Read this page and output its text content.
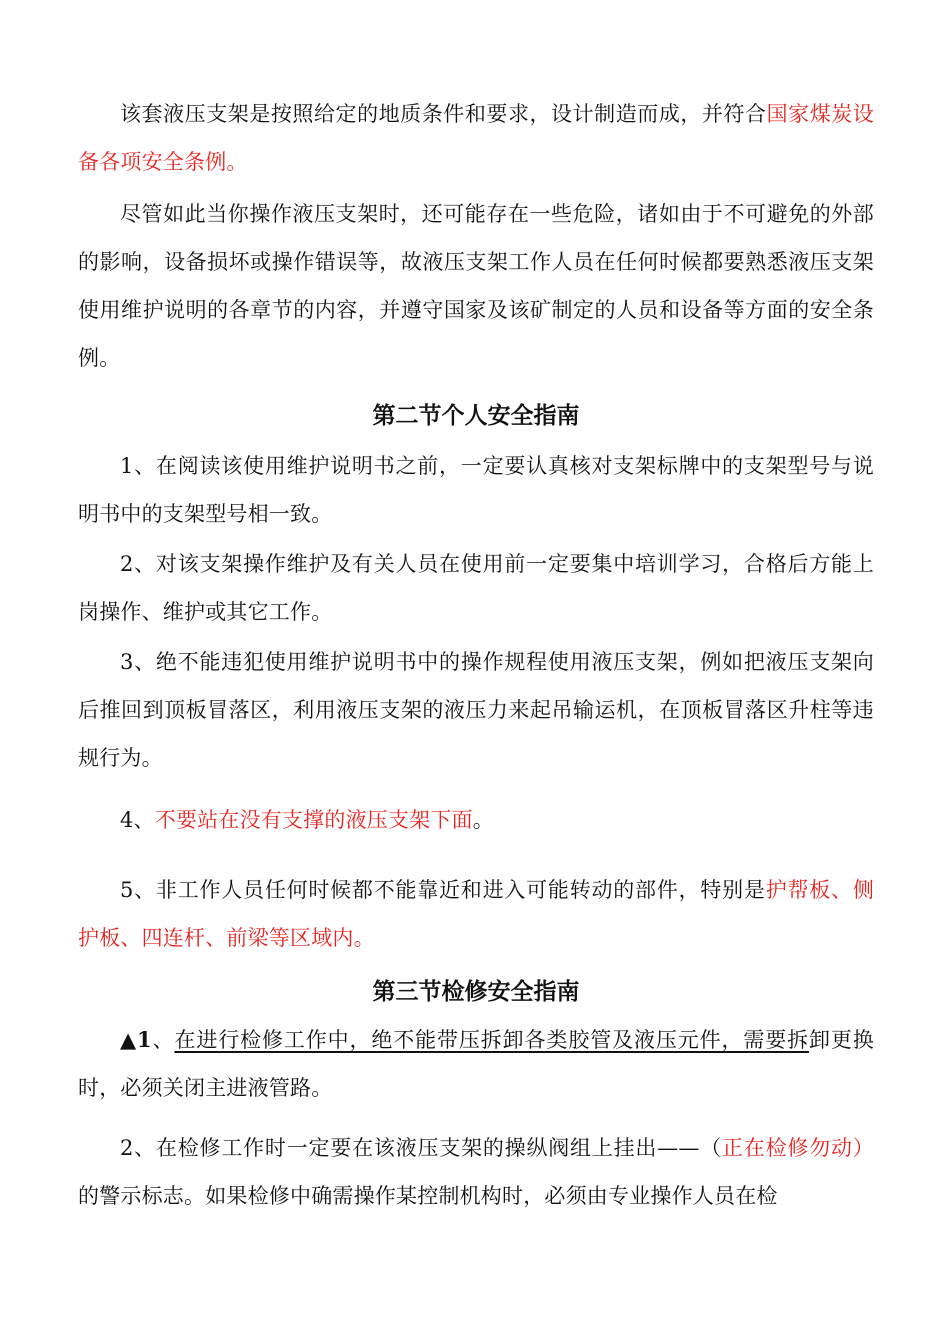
该套液压支架是按照给定的地质条件和要求，设计制造而成，并符合国家煤炭设备各项安全条例。

尽管如此当你操作液压支架时，还可能存在一些危险，诸如由于不可避免的外部的影响，设备损坏或操作错误等，故液压支架工作人员在任何时候都要熟悉液压支架使用维护说明的各章节的内容，并遵守国家及该矿制定的人员和设备等方面的安全条例。

第二节个人安全指南

1、在阅读该使用维护说明书之前，一定要认真核对支架标牌中的支架型号与说明书中的支架型号相一致。

2、对该支架操作维护及有关人员在使用前一定要集中培训学习，合格后方能上岗操作、维护或其它工作。

3、绝不能违犯使用维护说明书中的操作规程使用液压支架，例如把液压支架向后推回到顶板冒落区，利用液压支架的液压力来起吊输运机，在顶板冒落区升柱等违规行为。

4、不要站在没有支撑的液压支架下面。

5、非工作人员任何时候都不能靠近和进入可能转动的部件，特别是护帮板、侧护板、四连杆、前梁等区域内。

第三节检修安全指南

▲1、在进行检修工作中，绝不能带压拆卸各类胶管及液压元件，需要拆卸更换时，必须关闭主进液管路。

2、在检修工作时一定要在该液压支架的操纵阀组上挂出——（正在检修勿动）的警示标志。如果检修中确需操作某控制机构时，必须由专业操作人员在检
